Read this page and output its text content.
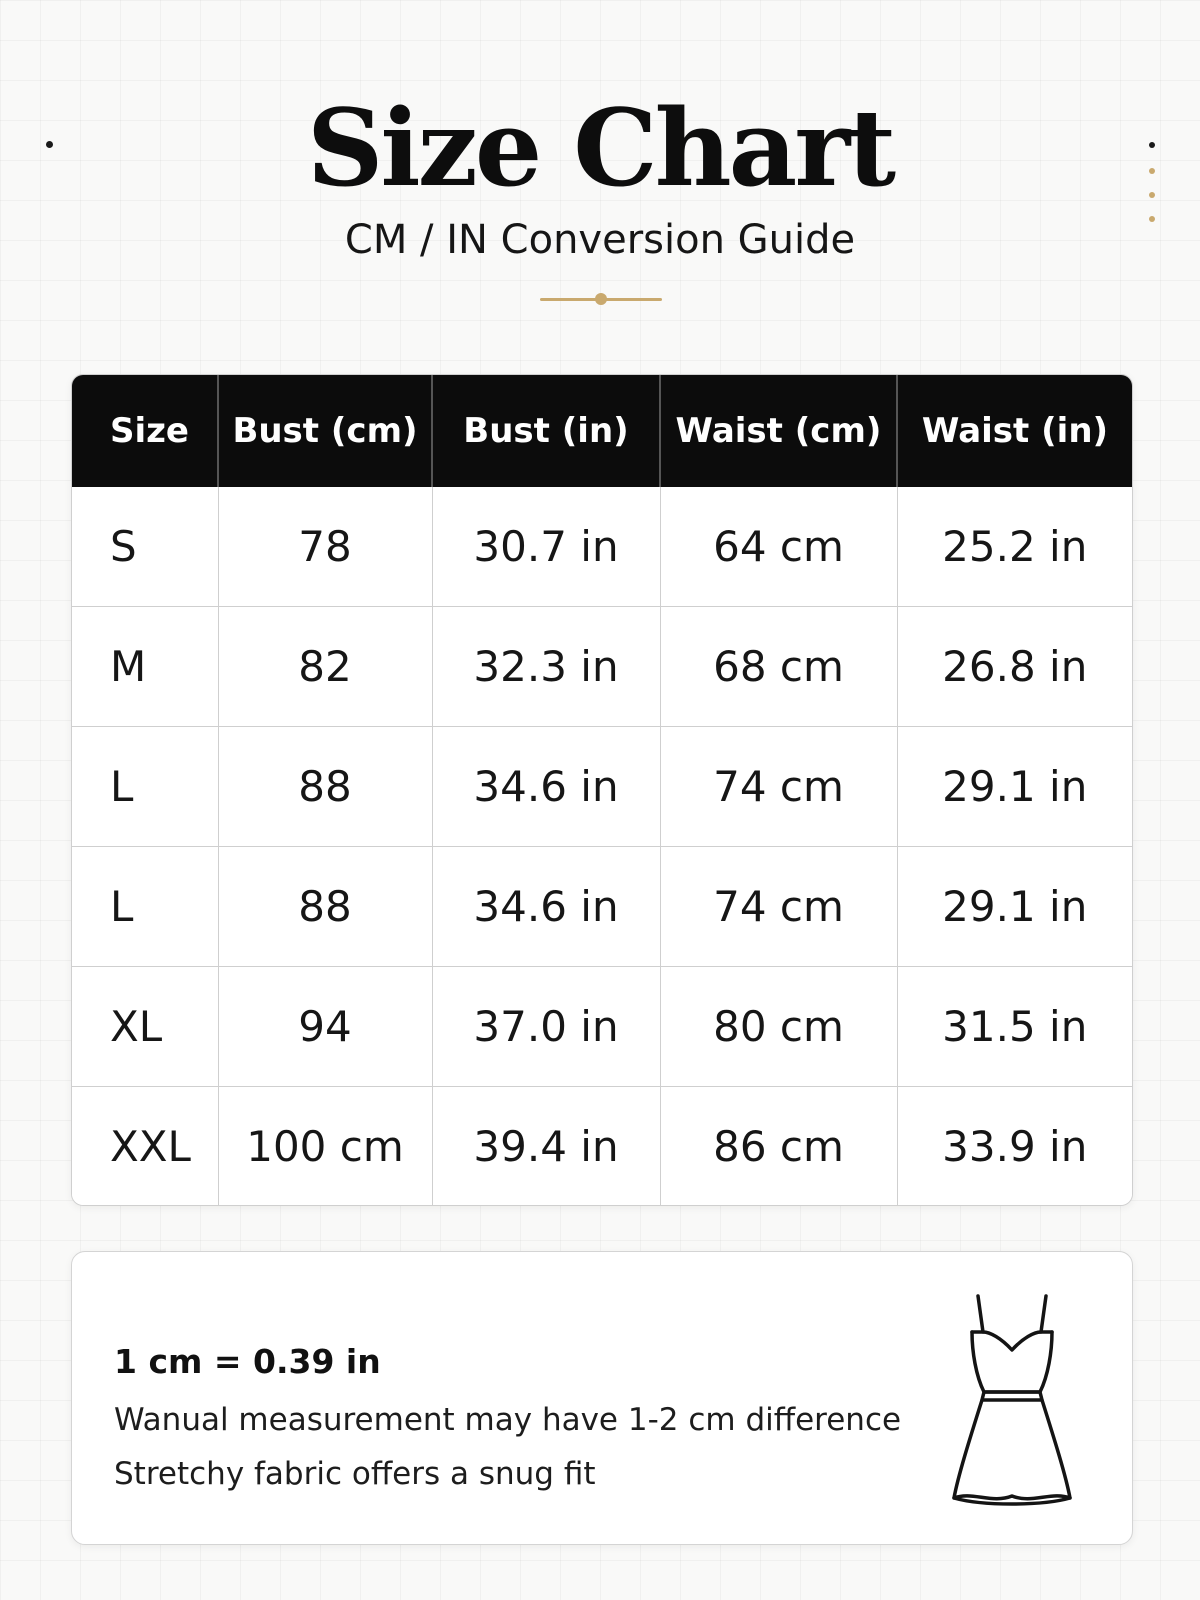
Size Chart
CM / IN Conversion Guide
Size	Bust (cm)	Bust (in)	Waist (cm)	Waist (in)
S	78	30.7 in	64 cm	25.2 in
M	82	32.3 in	68 cm	26.8 in
L	88	34.6 in	74 cm	29.1 in
L	88	34.6 in	74 cm	29.1 in
XL	94	37.0 in	80 cm	31.5 in
XXL	100 cm	39.4 in	86 cm	33.9 in
1 cm = 0.39 in
Wanual measurement may have 1-2 cm difference
Stretchy fabric offers a snug fit
